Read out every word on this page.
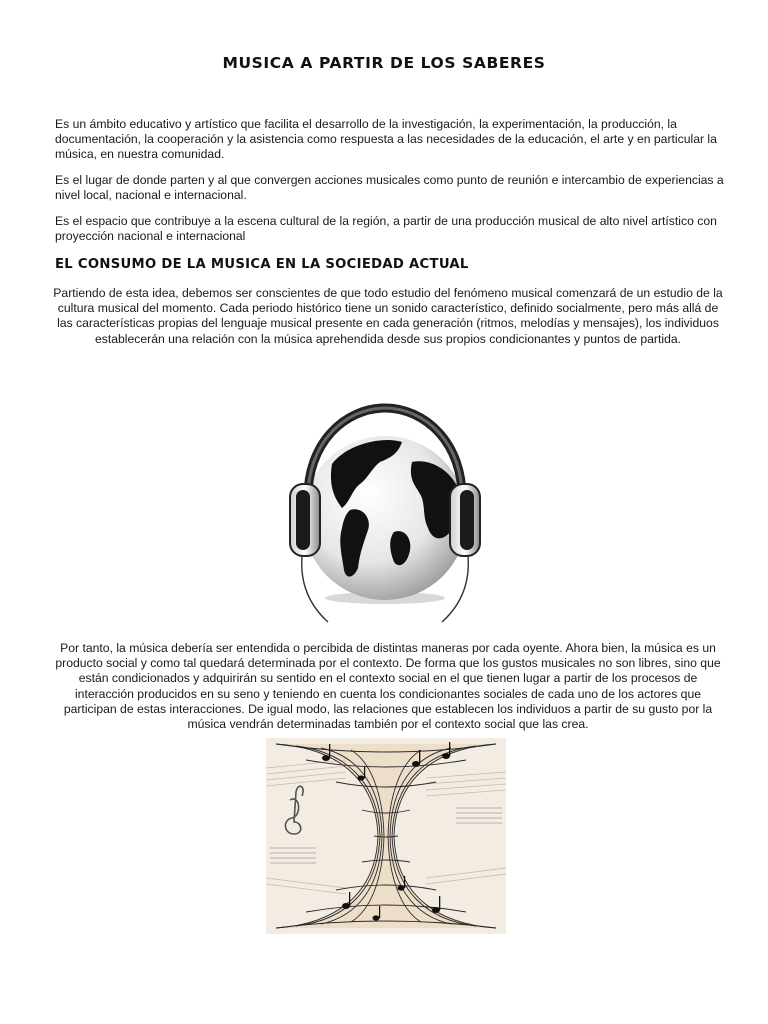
MUSICA A PARTIR DE LOS SABERES

Es un ámbito educativo y artístico que facilita el desarrollo de la investigación, la experimentación, la producción, la documentación, la cooperación y la asistencia como respuesta a las necesidades de la educación, el arte y en particular la música, en nuestra comunidad.

Es el lugar de donde parten y al que convergen acciones musicales como punto de reunión e intercambio de experiencias a nivel local, nacional e internacional.

Es el espacio que contribuye a la escena cultural de la región, a partir de una producción musical de alto nivel artístico con proyección nacional e internacional

EL CONSUMO DE LA MUSICA EN LA SOCIEDAD ACTUAL

Partiendo de esta idea, debemos ser conscientes de que todo estudio del fenómeno musical comenzará de un estudio de la cultura musical del momento. Cada periodo histórico tiene un sonido característico, definido socialmente, pero más allá de las características propias del lenguaje musical presente en cada generación (ritmos, melodías y mensajes), los individuos establecerán una relación con la música aprehendida desde sus propios condicionantes y puntos de partida.

Por tanto, la música debería ser entendida o percibida de distintas maneras por cada oyente. Ahora bien, la música es un producto social y como tal quedará determinada por el contexto. De forma que los gustos musicales no son libres, sino que están condicionados y adquirirán su sentido en el contexto social en el que tienen lugar a partir de los procesos de interacción producidos en su seno y teniendo en cuenta los condicionantes sociales de cada uno de los actores que participan de estas interacciones. De igual modo, las relaciones que establecen los individuos a partir de su gusto por la música vendrán determinadas también por el contexto social que las crea.
